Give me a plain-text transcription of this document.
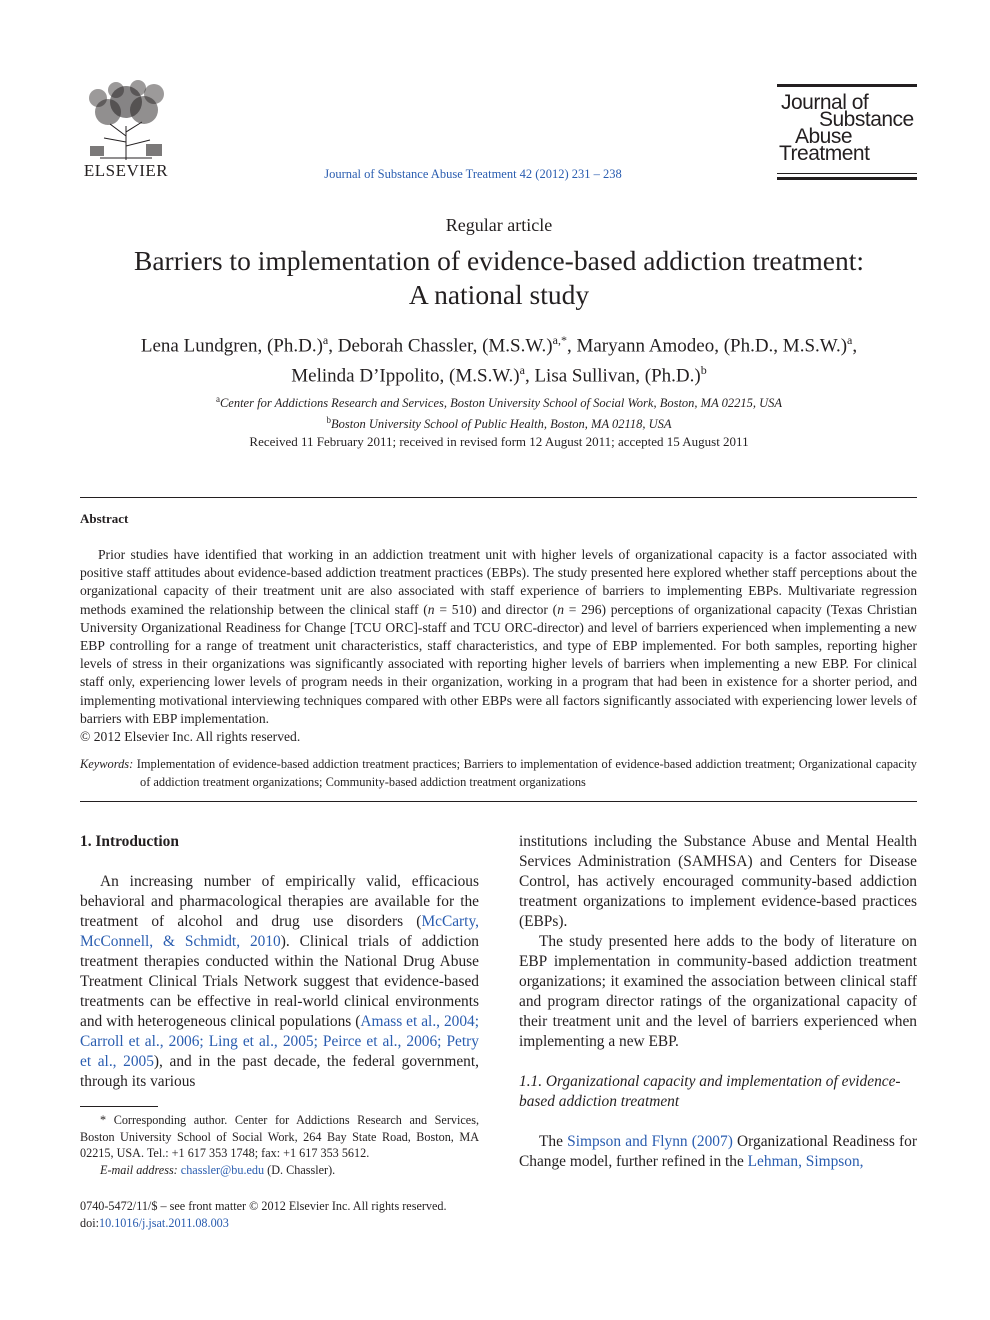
ELSEVIER	Journal of Substance Abuse Treatment 42 (2012) 231 – 238
Journal of
Substance
Abuse
Treatment
Regular article
Barriers to implementation of evidence-based addiction treatment:
A national study
Lena Lundgren, $(Ph.D.)^a$, Deborah Chassler, $(M.S.W.)^{a,*}$, Maryann Amodeo, (Ph.D., M.S.W.)$^a$,
Melinda D’Ippolito, $(M.S.W.)^a$, Lisa Sullivan, $(Ph.D.)^b$
$^a$Center for Addictions Research and Services, Boston University School of Social Work, Boston, MA 02215, USA
$^b$Boston University School of Public Health, Boston, MA 02118, USA
Received 11 February 2011; received in revised form 12 August 2011; accepted 15 August 2011
Abstract
Prior studies have identified that working in an addiction treatment unit with higher levels of organizational capacity is a factor associated with positive staff attitudes about evidence-based addiction treatment practices (EBPs). The study presented here explored whether staff perceptions about the organizational capacity of their treatment unit are also associated with staff experience of barriers to implementing EBPs. Multivariate regression methods examined the relationship between the clinical staff (n = 510) and director (n = 296) perceptions of organizational capacity (Texas Christian University Organizational Readiness for Change [TCU ORC]-staff and TCU ORC-director) and level of barriers experienced when implementing a new EBP controlling for a range of treatment unit characteristics, staff characteristics, and type of EBP implemented. For both samples, reporting higher levels of stress in their organizations was significantly associated with reporting higher levels of barriers when implementing a new EBP. For clinical staff only, experiencing lower levels of program needs in their organization, working in a program that had been in existence for a shorter period, and implementing motivational interviewing techniques compared with other EBPs were all factors significantly associated with experiencing lower levels of barriers with EBP implementation.
© 2012 Elsevier Inc. All rights reserved.
Keywords: Implementation of evidence-based addiction treatment practices; Barriers to implementation of evidence-based addiction treatment; Organizational capacity of addiction treatment organizations; Community-based addiction treatment organizations

1. Introduction

An increasing number of empirically valid, efficacious behavioral and pharmacological therapies are available for the treatment of alcohol and drug use disorders (McCarty, McConnell, & Schmidt, 2010). Clinical trials of addiction treatment therapies conducted within the National Drug Abuse Treatment Clinical Trials Network suggest that evidence-based treatments can be effective in real-world clinical environments and with heterogeneous clinical populations (Amass et al., 2004; Carroll et al., 2006; Ling et al., 2005; Peirce et al., 2006; Petry et al., 2005), and in the past decade, the federal government, through its various

* Corresponding author. Center for Addictions Research and Services, Boston University School of Social Work, 264 Bay State Road, Boston, MA 02215, USA. Tel.: +1 617 353 1748; fax: +1 617 353 5612.

E-mail address: chassler@bu.edu (D. Chassler).

0740-5472/11/$ – see front matter © 2012 Elsevier Inc. All rights reserved.
doi:10.1016/j.jsat.2011.08.003

institutions including the Substance Abuse and Mental Health Services Administration (SAMHSA) and Centers for Disease Control, has actively encouraged community-based addiction treatment organizations to implement evidence-based practices (EBPs).

The study presented here adds to the body of literature on EBP implementation in community-based addiction treatment organizations; it examined the association between clinical staff and program director ratings of the organizational capacity of their treatment unit and the level of barriers experienced when implementing a new EBP.

1.1. Organizational capacity and implementation of evidence-based addiction treatment

The Simpson and Flynn (2007) Organizational Readiness for Change model, further refined in the Lehman, Simpson,
